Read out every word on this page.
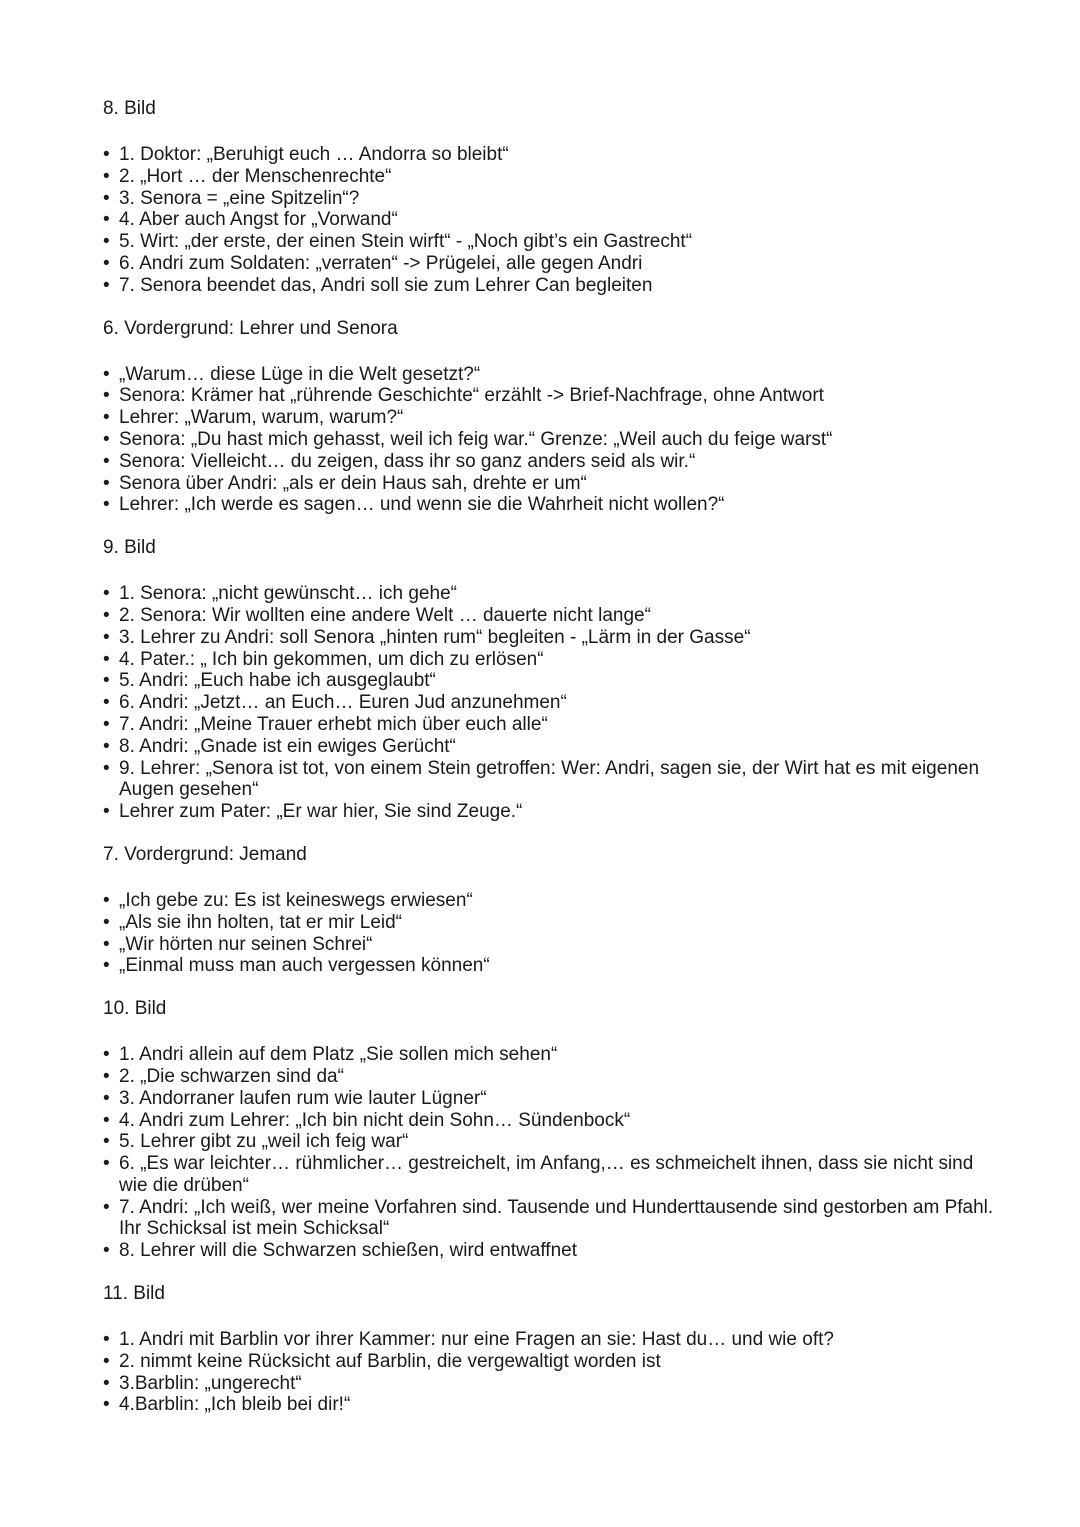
8. Bild

• 1. Doktor: „Beruhigt euch … Andorra so bleibt“
• 2. „Hort … der Menschenrechte“
• 3. Senora = „eine Spitzelin“?
• 4. Aber auch Angst for „Vorwand“
• 5. Wirt: „der erste, der einen Stein wirft“ - „Noch gibt’s ein Gastrecht“
• 6. Andri zum Soldaten: „verraten“ -> Prügelei, alle gegen Andri
• 7. Senora beendet das, Andri soll sie zum Lehrer Can begleiten

6. Vordergrund: Lehrer und Senora

• „Warum… diese Lüge in die Welt gesetzt?“
• Senora: Krämer hat „rührende Geschichte“ erzählt -> Brief-Nachfrage, ohne Antwort
• Lehrer: „Warum, warum, warum?“
• Senora: „Du hast mich gehasst, weil ich feig war.“ Grenze: „Weil auch du feige warst“
• Senora: Vielleicht… du zeigen, dass ihr so ganz anders seid als wir.“
• Senora über Andri: „als er dein Haus sah, drehte er um“
• Lehrer: „Ich werde es sagen… und wenn sie die Wahrheit nicht wollen?“

9. Bild

• 1. Senora: „nicht gewünscht… ich gehe“
• 2. Senora: Wir wollten eine andere Welt … dauerte nicht lange“
• 3. Lehrer zu Andri: soll Senora „hinten rum“ begleiten - „Lärm in der Gasse“
• 4. Pater.: „ Ich bin gekommen, um dich zu erlösen“
• 5. Andri: „Euch habe ich ausgeglaubt“
• 6. Andri: „Jetzt… an Euch… Euren Jud anzunehmen“
• 7. Andri: „Meine Trauer erhebt mich über euch alle“
• 8. Andri: „Gnade ist ein ewiges Gerücht“
• 9. Lehrer: „Senora ist tot, von einem Stein getroffen: Wer: Andri, sagen sie, der Wirt hat es mit eigenen Augen gesehen“
• Lehrer zum Pater: „Er war hier, Sie sind Zeuge.“

7. Vordergrund: Jemand

• „Ich gebe zu: Es ist keineswegs erwiesen“
• „Als sie ihn holten, tat er mir Leid“
• „Wir hörten nur seinen Schrei“
• „Einmal muss man auch vergessen können“

10. Bild

• 1. Andri allein auf dem Platz „Sie sollen mich sehen“
• 2. „Die schwarzen sind da“
• 3. Andorraner laufen rum wie lauter Lügner“
• 4. Andri zum Lehrer: „Ich bin nicht dein Sohn… Sündenbock“
• 5. Lehrer gibt zu „weil ich feig war“
• 6. „Es war leichter… rühmlicher… gestreichelt, im Anfang,… es schmeichelt ihnen, dass sie nicht sind wie die drüben“
• 7. Andri: „Ich weiß, wer meine Vorfahren sind. Tausende und Hunderttausende sind gestorben am Pfahl. Ihr Schicksal ist mein Schicksal“
• 8. Lehrer will die Schwarzen schießen, wird entwaffnet

11. Bild

• 1. Andri mit Barblin vor ihrer Kammer: nur eine Fragen an sie: Hast du… und wie oft?
• 2. nimmt keine Rücksicht auf Barblin, die vergewaltigt worden ist
• 3.Barblin: „ungerecht“
• 4.Barblin: „Ich bleib bei dir!“
